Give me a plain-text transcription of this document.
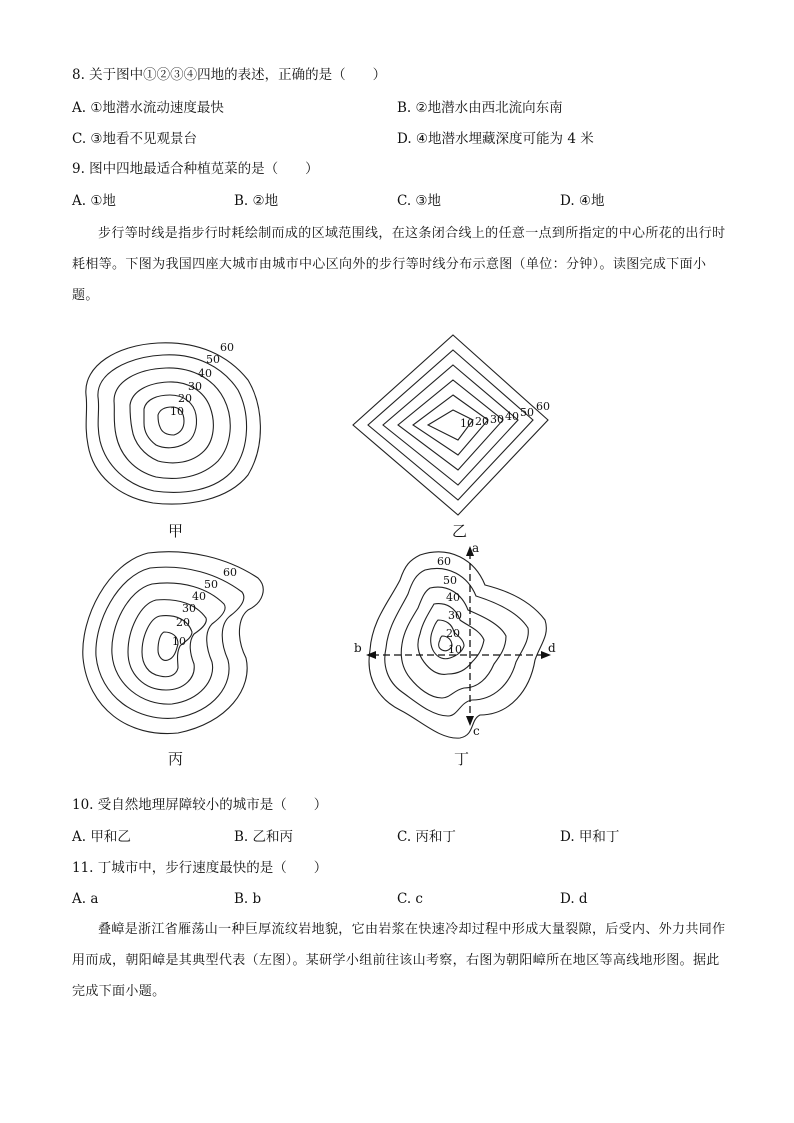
8. 关于图中①②③④四地的表述，正确的是（　　）
A. ①地潜水流动速度最快	B. ②地潜水由西北流向东南
C. ③地看不见观景台	D. ④地潜水埋藏深度可能为 4 米
9. 图中四地最适合种植苋菜的是（　　）
A. ①地	B. ②地	C. ③地	D. ④地
步行等时线是指步行时耗绘制而成的区域范围线，在这条闭合线上的任意一点到所指定的中心所花的出行时耗相等。下图为我国四座大城市由城市中心区向外的步行等时线分布示意图（单位：分钟）。读图完成下面小题。
60
50
40
30
20
10
甲
10 20 30 40 50 60
乙
60
50
40
30
20
10
丙
60
50
40
30
20
10
a
b
c
d
丁
10. 受自然地理屏障较小的城市是（　　）
A. 甲和乙	B. 乙和丙	C. 丙和丁	D. 甲和丁
11. 丁城市中，步行速度最快的是（　　）
A. a	B. b	C. c	D. d
叠嶂是浙江省雁荡山一种巨厚流纹岩地貌，它由岩浆在快速冷却过程中形成大量裂隙，后受内、外力共同作用而成，朝阳嶂是其典型代表（左图）。某研学小组前往该山考察，右图为朝阳嶂所在地区等高线地形图。据此完成下面小题。
